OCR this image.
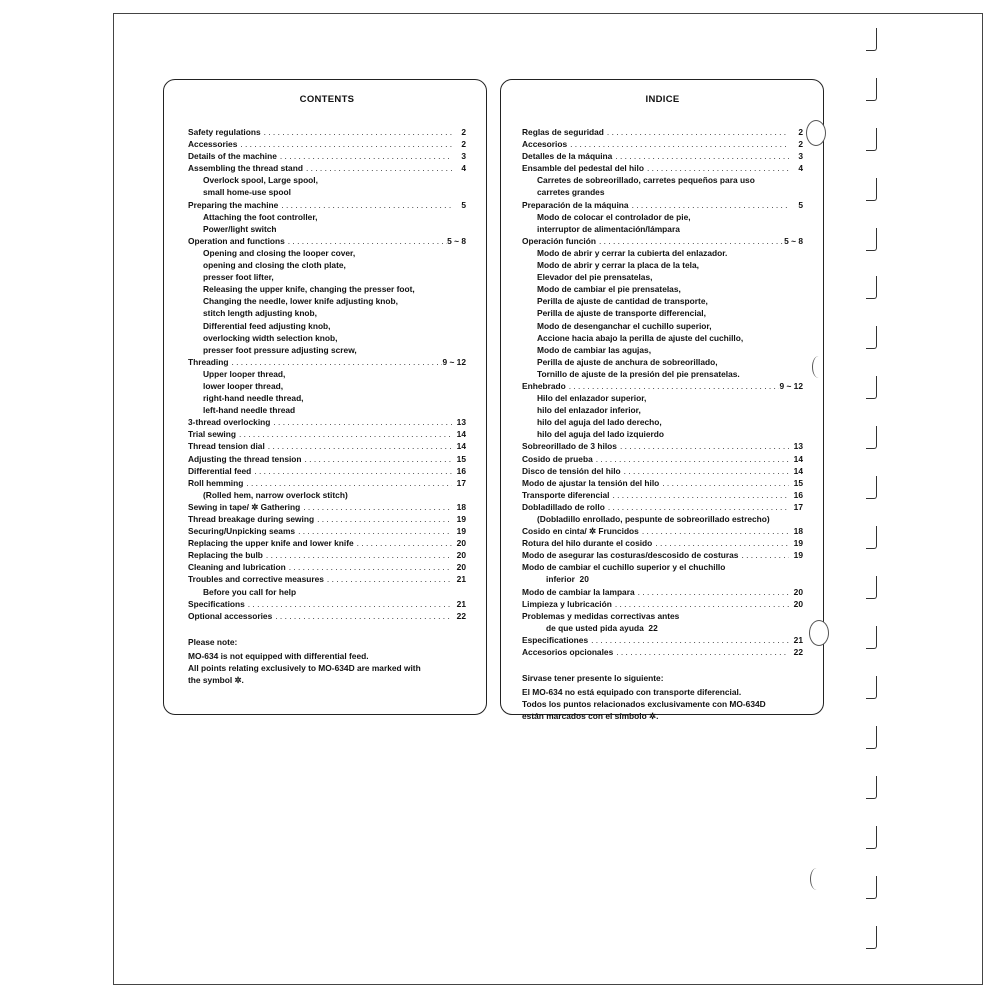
CONTENTS
Safety regulations . . .	2
Accessories . . .	2
Details of the machine . . .	3
Assembling the thread stand . . .	4
Overlock spool, Large spool,
small home-use spool
Preparing the machine . . .	5
Attaching the foot controller,
Power/light switch
Operation and functions . . .	5 ~ 8
Opening and closing the looper cover,
opening and closing the cloth plate,
presser foot lifter,
Releasing the upper knife, changing the presser foot,
Changing the needle, lower knife adjusting knob,
stitch length adjusting knob,
Differential feed adjusting knob,
overlocking width selection knob,
presser foot pressure adjusting screw,
Threading . . .	9 ~ 12
Upper looper thread,
lower looper thread,
right-hand needle thread,
left-hand needle thread
3-thread overlocking . . .	13
Trial sewing . . .	14
Thread tension dial . . .	14
Adjusting the thread tension . . .	15
Differential feed . . .	16
Roll hemming . . .	17
(Rolled hem, narrow overlock stitch)
Sewing in tape/ ✲ Gathering . . .	18
Thread breakage during sewing . . .	19
Securing/Unpicking seams . . .	19
Replacing the upper knife and lower knife . . .	20
Replacing the bulb . . .	20
Cleaning and lubrication . . .	20
Troubles and corrective measures . . .	21
Before you call for help
Specifications . . .	21
Optional accessories . . .	22
Please note:
MO-634 is not equipped with differential feed.
All points relating exclusively to MO-634D are marked with
the symbol ✲.
INDICE
Reglas de seguridad . . .	2
Accesorios . . .	2
Detalles de la máquina . . .	3
Ensamble del pedestal del hilo . . .	4
Carretes de sobreorillado, carretes pequeños para uso
carretes grandes
Preparación de la máquina . . .	5
Modo de colocar el controlador de pie,
interruptor de alimentación/lámpara
Operación función . . .	5 ~ 8
Modo de abrir y cerrar la cubierta del enlazador.
Modo de abrir y cerrar la placa de la tela,
Elevador del pie prensatelas,
Modo de cambiar el pie prensatelas,
Perilla de ajuste de cantidad de transporte,
Perilla de ajuste de transporte differencial,
Modo de desenganchar el cuchillo superior,
Accione hacia abajo la perilla de ajuste del cuchillo,
Modo de cambiar las agujas,
Perilla de ajuste de anchura de sobreorillado,
Tornillo de ajuste de la presión del pie prensatelas.
Enhebrado . . .	9 ~ 12
Hilo del enlazador superior,
hilo del enlazador inferior,
hilo del aguja del lado derecho,
hilo del aguja del lado izquierdo
Sobreorillado de 3 hilos . . .	13
Cosido de prueba . . .	14
Disco de tensión del hilo . . .	14
Modo de ajustar la tensión del hilo . . .	15
Transporte diferencial . . .	16
Dobladillado de rollo . . .	17
(Dobladillo enrollado, pespunte de sobreorillado estrecho)
Cosido en cinta/ ✲ Fruncidos . . .	18
Rotura del hilo durante el cosido . . .	19
Modo de asegurar las costuras/descosido de costuras . . .	19
Modo de cambiar el cuchillo superior y el chuchillo
inferior 20
Modo de cambiar la lampara . . .	20
Limpieza y lubricación . . .	20
Problemas y medidas correctivas antes
de que usted pida ayuda 22
Especificationes . . .	21
Accesorios opcionales . . .	22
Sirvase tener presente lo siguiente:
El MO-634 no está equipado con transporte diferencial.
Todos los puntos relacionados exclusivamente con MO-634D
están marcados con el símbolo ✲.
